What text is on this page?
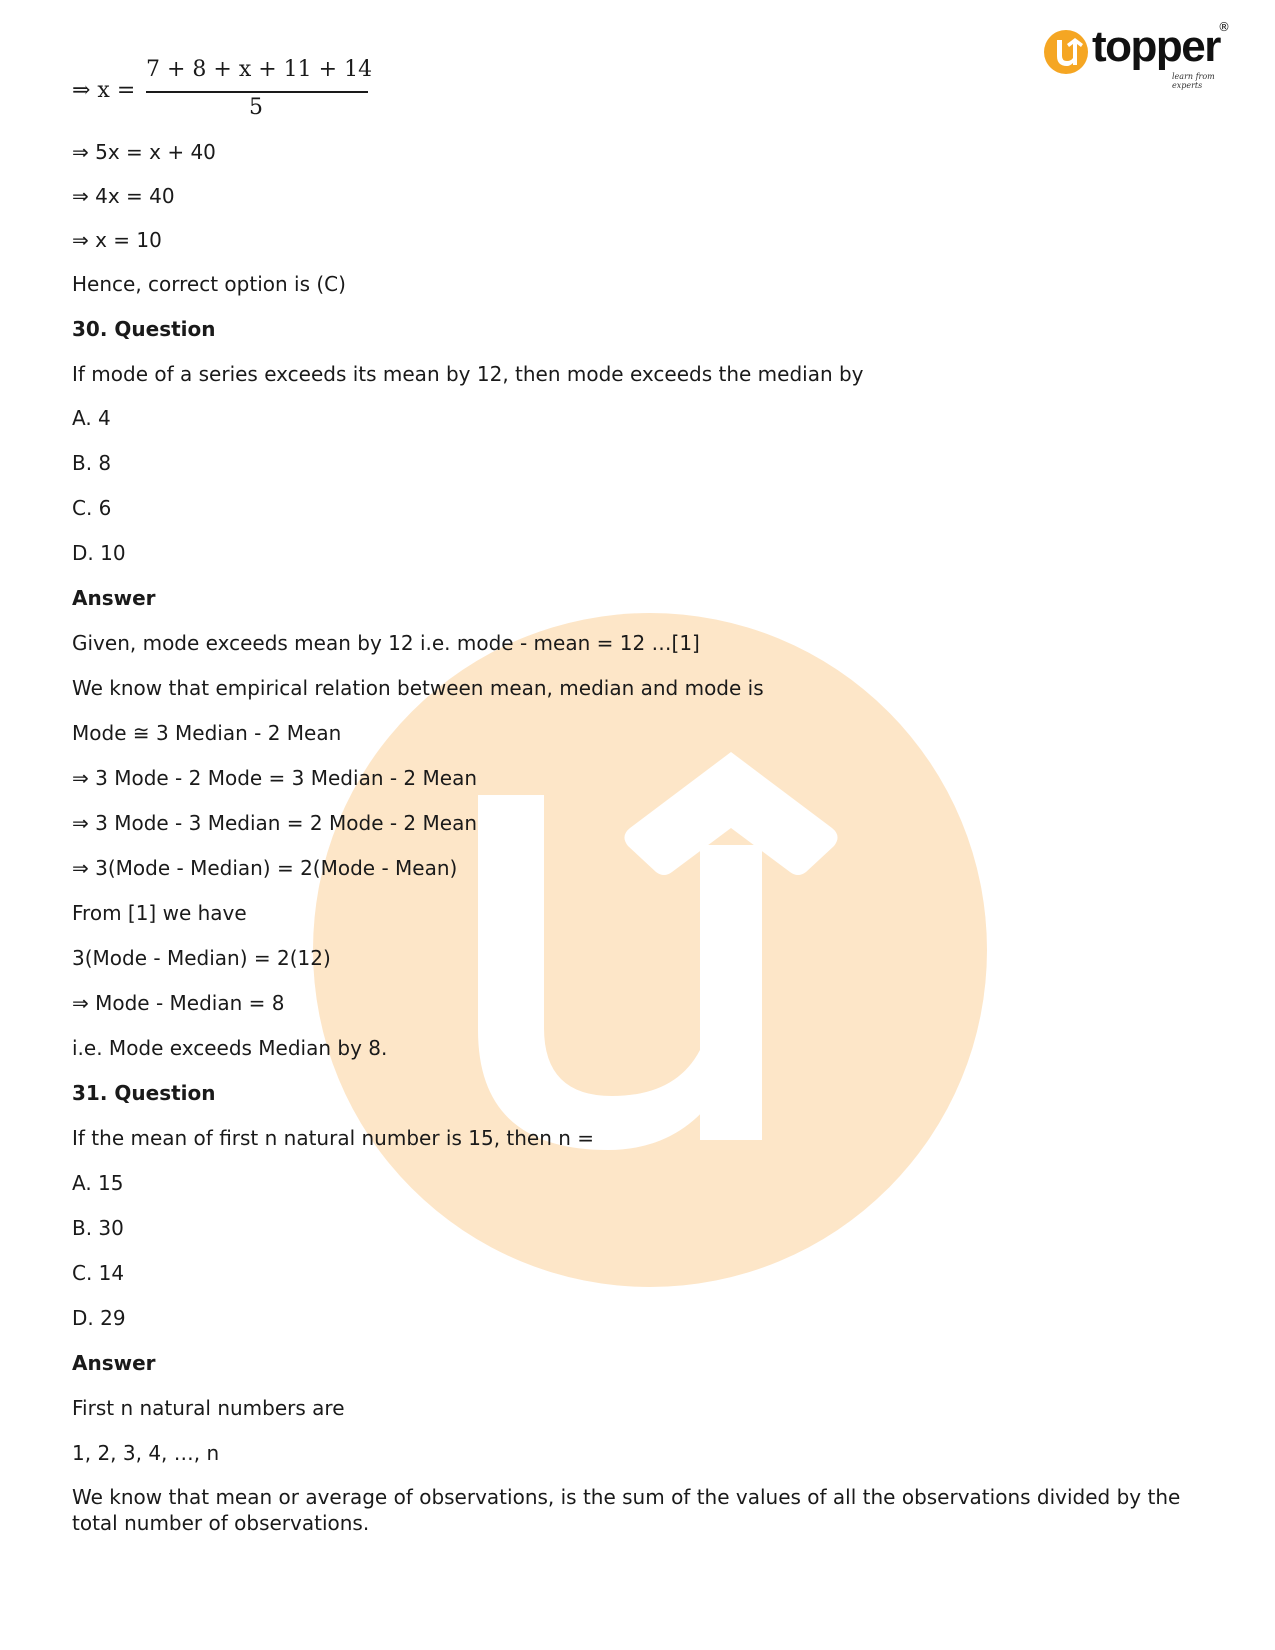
topper
®
learn from experts
⇒ x =
7 + 8 + x + 11 + 14
5
⇒ 5x = x + 40
⇒ 4x = 40
⇒ x = 10
Hence, correct option is (C)
30. Question
If mode of a series exceeds its mean by 12, then mode exceeds the median by
A. 4
B. 8
C. 6
D. 10
Answer
Given, mode exceeds mean by 12 i.e. mode - mean = 12 …[1]
We know that empirical relation between mean, median and mode is
Mode ≅ 3 Median - 2 Mean
⇒ 3 Mode - 2 Mode = 3 Median - 2 Mean
⇒ 3 Mode - 3 Median = 2 Mode - 2 Mean
⇒ 3(Mode - Median) = 2(Mode - Mean)
From [1] we have
3(Mode - Median) = 2(12)
⇒ Mode - Median = 8
i.e. Mode exceeds Median by 8.
31. Question
If the mean of first n natural number is 15, then n =
A. 15
B. 30
C. 14
D. 29
Answer
First n natural numbers are
1, 2, 3, 4, …, n
We know that mean or average of observations, is the sum of the values of all the observations divided by the total number of observations.
